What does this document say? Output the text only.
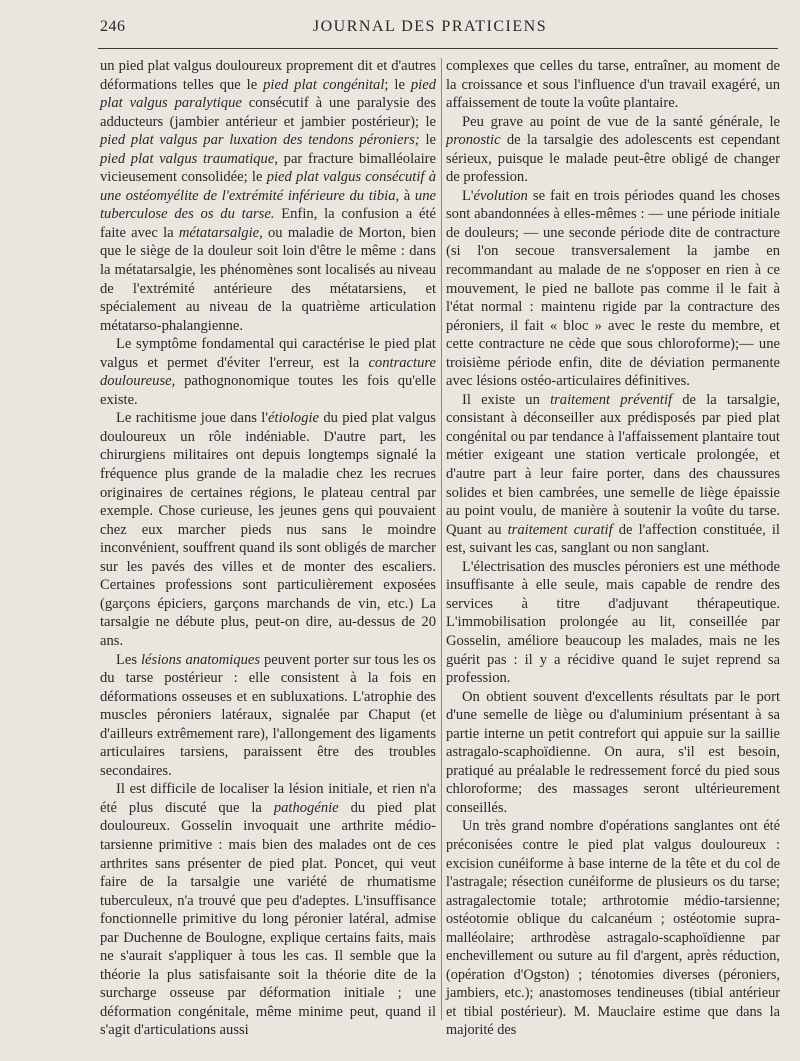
246	JOURNAL DES PRATICIENS

un pied plat valgus douloureux proprement dit et d'autres déformations telles que le pied plat congénital; le pied plat valgus paralytique consécutif à une paralysie des adducteurs (jambier antérieur et jambier postérieur); le pied plat valgus par luxation des tendons péroniers; le pied plat valgus traumatique, par fracture bimalléolaire vicieusement consolidée; le pied plat valgus consécutif à une ostéomyélite de l'extrémité inférieure du tibia, à une tuberculose des os du tarse. Enfin, la confusion a été faite avec la métatarsalgie, ou maladie de Morton, bien que le siège de la douleur soit loin d'être le même : dans la métatarsalgie, les phénomènes sont localisés au niveau de l'extrémité antérieure des métatarsiens, et spécialement au niveau de la quatrième articulation métatarso-phalangienne.

Le symptôme fondamental qui caractérise le pied plat valgus et permet d'éviter l'erreur, est la contracture douloureuse, pathognonomique toutes les fois qu'elle existe.

Le rachitisme joue dans l'étiologie du pied plat valgus douloureux un rôle indéniable. D'autre part, les chirurgiens militaires ont depuis longtemps signalé la fréquence plus grande de la maladie chez les recrues originaires de certaines régions, le plateau central par exemple. Chose curieuse, les jeunes gens qui pouvaient chez eux marcher pieds nus sans le moindre inconvénient, souffrent quand ils sont obligés de marcher sur les pavés des villes et de monter des escaliers. Certaines professions sont particulièrement exposées (garçons épiciers, garçons marchands de vin, etc.) La tarsalgie ne débute plus, peut-on dire, au-dessus de 20 ans.

Les lésions anatomiques peuvent porter sur tous les os du tarse postérieur : elle consistent à la fois en déformations osseuses et en subluxations. L'atrophie des muscles péroniers latéraux, signalée par Chaput (et d'ailleurs extrêmement rare), l'allongement des ligaments articulaires tarsiens, paraissent être des troubles secondaires.

Il est difficile de localiser la lésion initiale, et rien n'a été plus discuté que la pathogénie du pied plat douloureux. Gosselin invoquait une arthrite médio-tarsienne primitive : mais bien des malades ont de ces arthrites sans présenter de pied plat. Poncet, qui veut faire de la tarsalgie une variété de rhumatisme tuberculeux, n'a trouvé que peu d'adeptes. L'insuffisance fonctionnelle primitive du long péronier latéral, admise par Duchenne de Boulogne, explique certains faits, mais ne s'aurait s'appliquer à tous les cas. Il semble que la théorie la plus satisfaisante soit la théorie dite de la surcharge osseuse par déformation initiale ; une déformation congénitale, même minime peut, quand il s'agit d'articulations aussi

complexes que celles du tarse, entraîner, au moment de la croissance et sous l'influence d'un travail exagéré, un affaissement de toute la voûte plantaire.

Peu grave au point de vue de la santé générale, le pronostic de la tarsalgie des adolescents est cependant sérieux, puisque le malade peut-être obligé de changer de profession.

L'évolution se fait en trois périodes quand les choses sont abandonnées à elles-mêmes : — une période initiale de douleurs; — une seconde période dite de contracture (si l'on secoue transversalement la jambe en recommandant au malade de ne s'opposer en rien à ce mouvement, le pied ne ballote pas comme il le fait à l'état normal : maintenu rigide par la contracture des péroniers, il fait « bloc » avec le reste du membre, et cette contracture ne cède que sous chloroforme);— une troisième période enfin, dite de déviation permanente avec lésions ostéo-articulaires définitives.

Il existe un traitement préventif de la tarsalgie, consistant à déconseiller aux prédisposés par pied plat congénital ou par tendance à l'affaissement plantaire tout métier exigeant une station verticale prolongée, et d'autre part à leur faire porter, dans des chaussures solides et bien cambrées, une semelle de liège épaissie au point voulu, de manière à soutenir la voûte du tarse. Quant au traitement curatif de l'affection constituée, il est, suivant les cas, sanglant ou non sanglant.

L'électrisation des muscles péroniers est une méthode insuffisante à elle seule, mais capable de rendre des services à titre d'adjuvant thérapeutique. L'immobilisation prolongée au lit, conseillée par Gosselin, améliore beaucoup les malades, mais ne les guérit pas : il y a récidive quand le sujet reprend sa profession.

On obtient souvent d'excellents résultats par le port d'une semelle de liège ou d'aluminium présentant à sa partie interne un petit contrefort qui appuie sur la saillie astragalo-scaphoïdienne. On aura, s'il est besoin, pratiqué au préalable le redressement forcé du pied sous chloroforme; des massages seront ultérieurement conseillés.

Un très grand nombre d'opérations sanglantes ont été préconisées contre le pied plat valgus douloureux : excision cunéiforme à base interne de la tête et du col de l'astragale; résection cunéiforme de plusieurs os du tarse; astragalectomie totale; arthrotomie médio-tarsienne; ostéotomie oblique du calcanéum ; ostéotomie supra-malléolaire; arthrodèse astragalo-scaphoïdienne par enchevillement ou suture au fil d'argent, après réduction, (opération d'Ogston) ; ténotomies diverses (péroniers, jambiers, etc.); anastomoses tendineuses (tibial antérieur et tibial postérieur). M. Mauclaire estime que dans la majorité des
